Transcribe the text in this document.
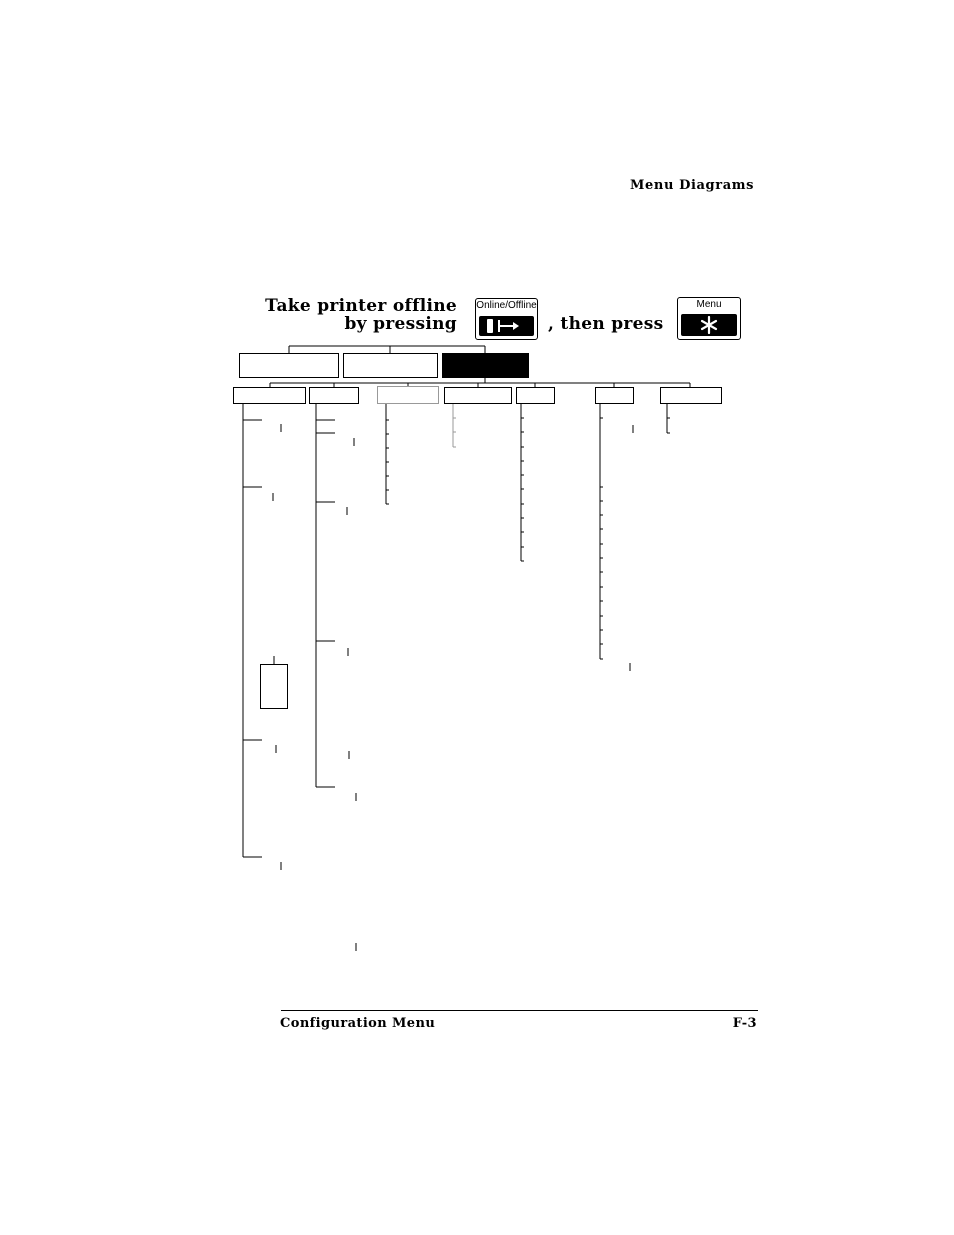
Menu Diagrams
Take printer offline
by pressing	, then press
Online/Offline	Menu
Configuration Menu	F-3
